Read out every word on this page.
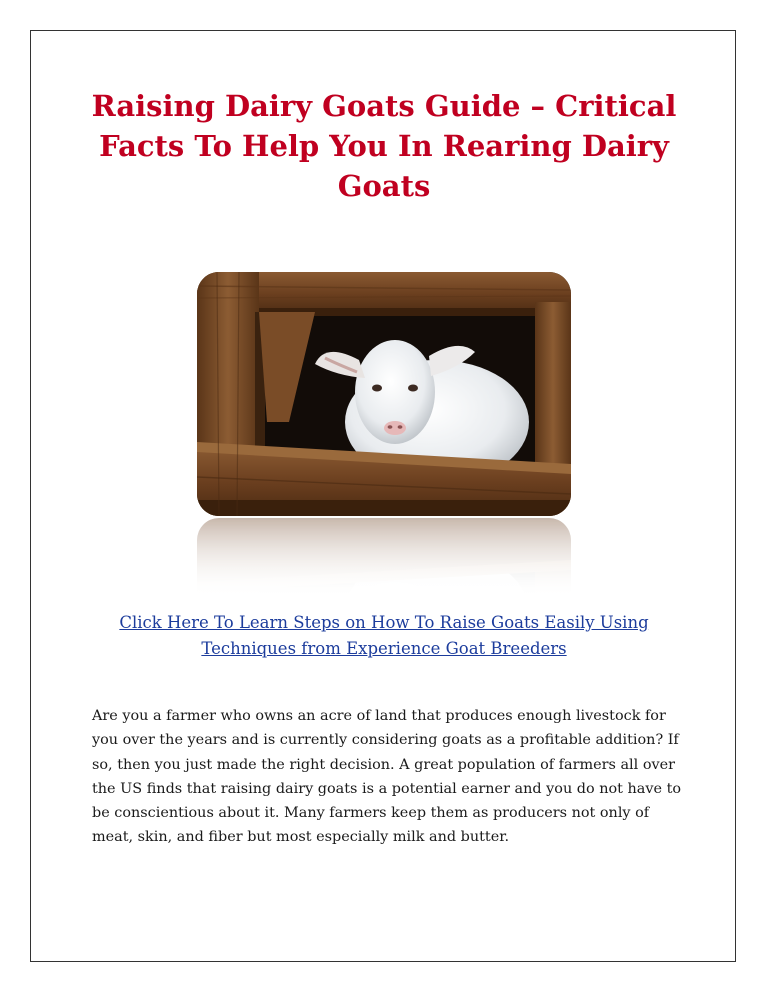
Raising Dairy Goats Guide – Critical Facts To Help You In Rearing Dairy Goats
Click Here To Learn Steps on How To Raise Goats Easily Using Techniques from Experience Goat Breeders

Are you a farmer who owns an acre of land that produces enough livestock for you over the years and is currently considering goats as a profitable addition? If so, then you just made the right decision. A great population of farmers all over the US finds that raising dairy goats is a potential earner and you do not have to be conscientious about it. Many farmers keep them as producers not only of meat, skin, and fiber but most especially milk and butter.
